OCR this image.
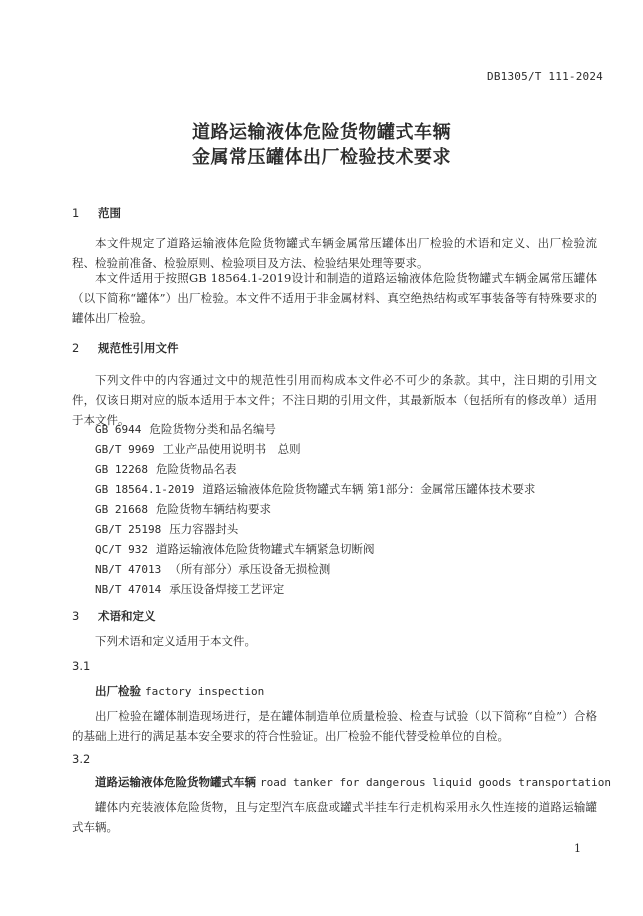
DB1305/T 111-2024
道路运输液体危险货物罐式车辆
金属常压罐体出厂检验技术要求
1 范围
本文件规定了道路运输液体危险货物罐式车辆金属常压罐体出厂检验的术语和定义、出厂检验流程、检验前准备、检验原则、检验项目及方法、检验结果处理等要求。
本文件适用于按照GB 18564.1-2019设计和制造的道路运输液体危险货物罐式车辆金属常压罐体（以下简称“罐体”）出厂检验。本文件不适用于非金属材料、真空绝热结构或军事装备等有特殊要求的罐体出厂检验。
2 规范性引用文件
下列文件中的内容通过文中的规范性引用而构成本文件必不可少的条款。其中，注日期的引用文件，仅该日期对应的版本适用于本文件；不注日期的引用文件，其最新版本（包括所有的修改单）适用于本文件。
GB 6944 危险货物分类和品名编号
GB/T 9969 工业产品使用说明书　总则
GB 12268 危险货物品名表
GB 18564.1-2019 道路运输液体危险货物罐式车辆 第1部分：金属常压罐体技术要求
GB 21668 危险货物车辆结构要求
GB/T 25198 压力容器封头
QC/T 932 道路运输液体危险货物罐式车辆紧急切断阀
NB/T 47013 （所有部分）承压设备无损检测
NB/T 47014 承压设备焊接工艺评定
3 术语和定义
下列术语和定义适用于本文件。
3.1
出厂检验 factory inspection
出厂检验在罐体制造现场进行，是在罐体制造单位质量检验、检查与试验（以下简称“自检”）合格的基础上进行的满足基本安全要求的符合性验证。出厂检验不能代替受检单位的自检。
3.2
道路运输液体危险货物罐式车辆 road tanker for dangerous liquid goods transportation
罐体内充装液体危险货物，且与定型汽车底盘或罐式半挂车行走机构采用永久性连接的道路运输罐式车辆。
1
